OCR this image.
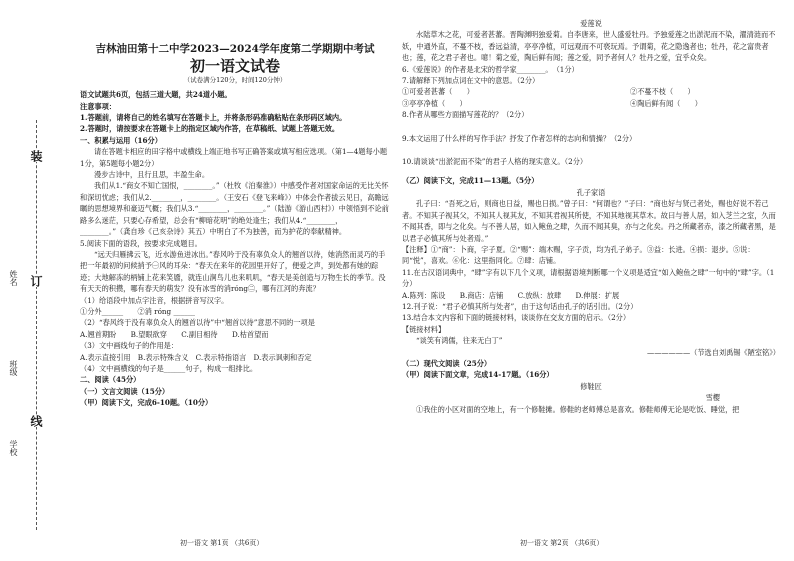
姓名
班级
学校
装
订
线
吉林油田第十二中学2023—2024学年度第二学期期中考试
初一语文试卷
（试卷满分120分，时间120分钟）

语文试题共6页，包括三道大题，共24道小题。

注意事项：

1.答题前，请将自己的姓名填写在答题卡上，并将条形码准确粘贴在条形码区域内。

2.答题时，请按要求在答题卡上的指定区域内作答，在草稿纸、试题上答题无效。

一、积累与运用（16分）

请在答题卡相应的田字格中或横线上端正地书写正确答案或填写相应选项。（第1—4题每小题1分，第5题每小题2分）

漫步古诗中，且行且思，丰盈生命。

我们从1.“商女不知亡国恨，________。”（杜牧《泊秦淮》）中感受作者对国家命运的无比关怀和深切忧虑；我们从2.________，________。（王安石《登飞来峰》）中体会作者拔云见日，高瞻远瞩的思想境界和豪迈气概；我们从3.“________，________。”（陆游《游山西村》）中领悟到不论前路多么迷茫，只要心存希望，总会有“柳暗花明”的绝处逢生；我们从4.“________，________。”（龚自珍《己亥杂诗》其五）中明白了不为独善，而为护花的奉献精神。

5.阅读下面的语段，按要求完成题目。

“远天归雁拂云飞，近水游鱼迸冰出。”春风吟于没有辜负众人的翘首以待，她消然而灵巧的手把一年最初的问候捎予㊀风的耳朵：“春天在来年的花园里开好了，便爱之声，到处都有她的踪迹；大地解冻的柄铺上花来笑靥，就连山涧鸟儿也来叽叽，“春天是美创造与万物生长的季节。没有天天的积攒，哪有春天的萌发？没有冰雪的消róng㊁，哪有江河的奔流？

（1）给语段中加点字注音，根据拼音写汉字。

①分外______　　②消 róng ______

（2）“春风终于没有辜负众人的翘首以待”中“翘首以待”意思不同的一项是

A.翘首期盼　　B.望眼欲穿　　C.副目相待　　D.枯首望而

（3）文中画线句子的作用是：

A.表示直接引用　B.表示特殊含义　C.表示特指语言　D.表示讽刺和否定

（4）文中画横线的句子是______句子，构成一组排比。

二、阅读（45分）

（一）文言文阅读（15分）

（甲）阅读下文，完成6-10题。（10分）

初一语文 第1页 （共6页）

爱莲说

水陆草木之花，可爱者甚蕃。晋陶渊明独爱菊。自李唐来，世人盛爱牡丹。予独爱莲之出淤泥而不染，濯清涟而不妖，中通外直，不蔓不枝，香远益清，亭亭净植，可远观而不可亵玩焉。予谓菊，花之隐逸者也；牡丹，花之富贵者也；莲，花之君子者也。噫！菊之爱，陶后鲜有闻；莲之爱，同予者何人？牡丹之爱，宜乎众矣。

6.《爱莲说》的作者是北宋的哲学家________。　（1分）

7.请解释下列加点词在文中的意思。（2分）

①可爱者甚蕃（　　）	②不蔓不枝（　　）
③亭亭净植（　　）	④陶后鲜有闻（　　）

8.作者从哪些方面描写莲花的？（2分）

9.本文运用了什么样的写作手法？抒发了作者怎样的志向和情操？（2分）

10.请谈谈“出淤泥而不染”的君子人格的现实意义。（2分）

（乙）阅读下文，完成11—13题。（5分）

孔子家语

孔子曰：“吾死之后，则商也日益，赐也日损。”曾子曰：“何谓也？”子曰：“商也好与贤己者处，赐也好说不若己者。不知其子视其父，不知其人视其友，不知其君视其所使，不知其地视其草木。故曰与善人居，如入芝兰之室，久而不闻其香，即与之化矣。与不善人居，如入鲍鱼之肆，久而不闻其臭，亦与之化矣。丹之所藏者赤，漆之所藏者黑，是以君子必慎其所与处者焉。”

【注释】①“商”：卜商，字子夏。②“赐”：端木赐，字子贡，均为孔子弟子。③益：长进。④损：退步。⑤说：同“悦”，喜欢。⑥化：这里指同化。⑦肆：店铺。

11.在古汉语词典中，“肆”字有以下几个义项，请根据语境判断哪一个义项是适宜“如入鲍鱼之肆”一句中的“肆”字。（1分）

A.陈列：陈设　　B.商店：店铺　　C.放纵：放肆　　D.伸展：扩展

12.刊子说：“君子必慎其所与处者”，由于这句话由孔子的话引出。（2分）

13.结合本文内容和下面的链接材料，谈谈你在交友方面的启示。（2分）

【链接材料】

“谈笑有鸿儒，往来无白丁”

——————（节选自刘禹锡《陋室铭》）

（二）现代文阅读（25分）

（甲）阅读下面文章，完成14-17题。（16分）

修鞋匠

雪樱

①我住的小区对面的空地上，有一个修鞋摊。修鞋的老师傅总是喜欢。修鞋师傅无论是吃饭、睡觉，把

初一语文 第2页 （共6页）
